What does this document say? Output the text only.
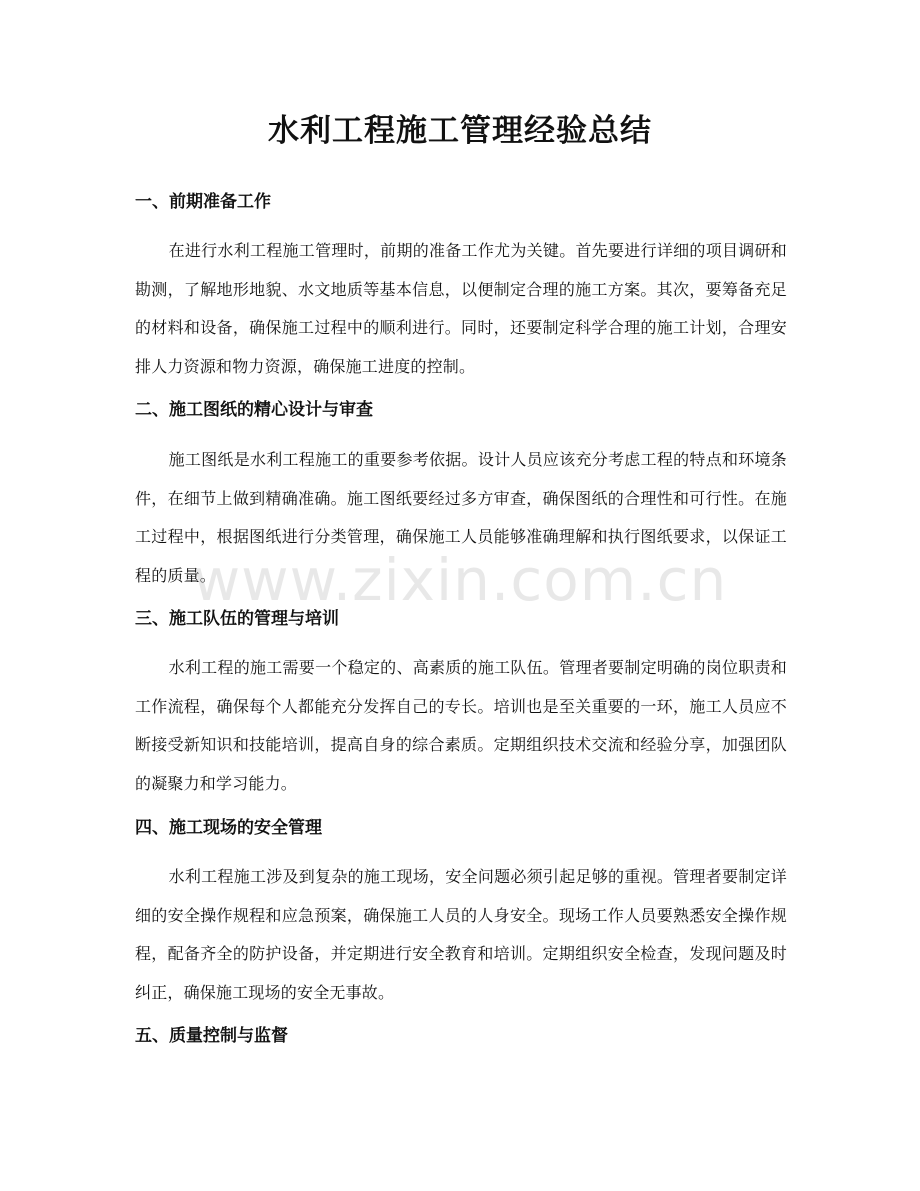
水利工程施工管理经验总结
一、前期准备工作

在进行水利工程施工管理时，前期的准备工作尤为关键。首先要进行详细的项目调研和勘测，了解地形地貌、水文地质等基本信息，以便制定合理的施工方案。其次，要筹备充足的材料和设备，确保施工过程中的顺利进行。同时，还要制定科学合理的施工计划，合理安排人力资源和物力资源，确保施工进度的控制。

二、施工图纸的精心设计与审查

施工图纸是水利工程施工的重要参考依据。设计人员应该充分考虑工程的特点和环境条件，在细节上做到精确准确。施工图纸要经过多方审查，确保图纸的合理性和可行性。在施工过程中，根据图纸进行分类管理，确保施工人员能够准确理解和执行图纸要求，以保证工程的质量。

三、施工队伍的管理与培训

水利工程的施工需要一个稳定的、高素质的施工队伍。管理者要制定明确的岗位职责和工作流程，确保每个人都能充分发挥自己的专长。培训也是至关重要的一环，施工人员应不断接受新知识和技能培训，提高自身的综合素质。定期组织技术交流和经验分享，加强团队的凝聚力和学习能力。

四、施工现场的安全管理

水利工程施工涉及到复杂的施工现场，安全问题必须引起足够的重视。管理者要制定详细的安全操作规程和应急预案，确保施工人员的人身安全。现场工作人员要熟悉安全操作规程，配备齐全的防护设备，并定期进行安全教育和培训。定期组织安全检查，发现问题及时纠正，确保施工现场的安全无事故。

五、质量控制与监督
www.zixin.com.cn
